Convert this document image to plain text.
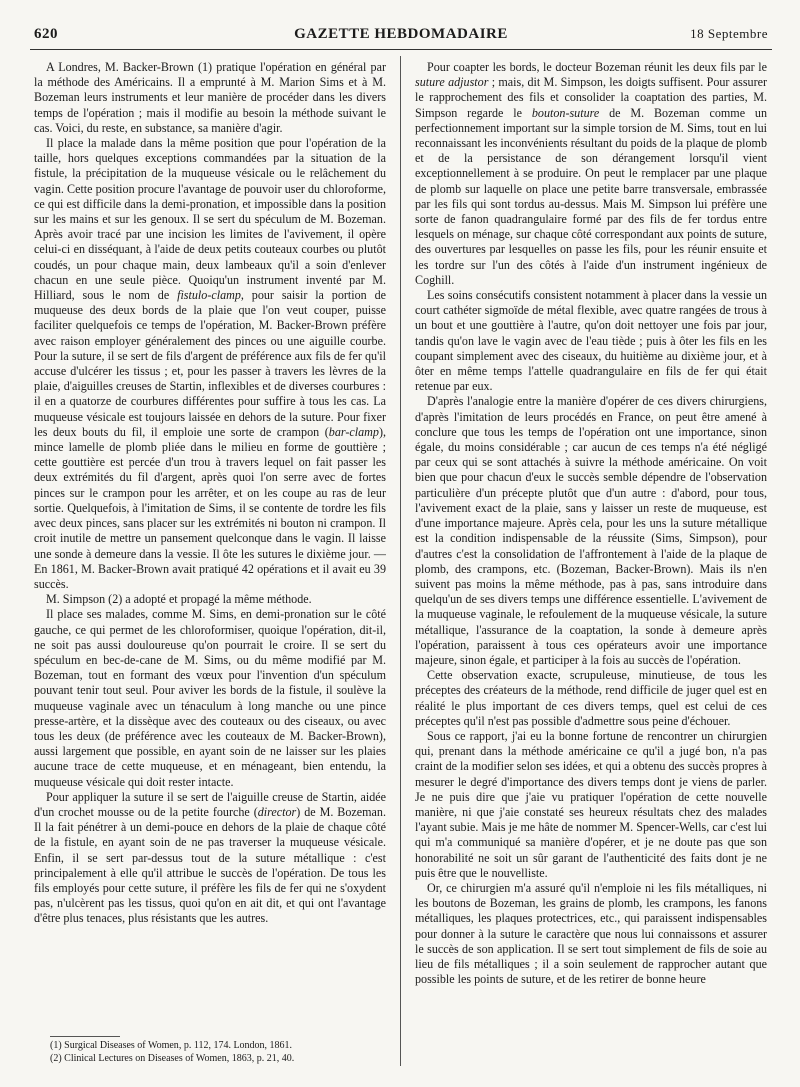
620	GAZETTE HEBDOMADAIRE	18 Septembre

A Londres, M. Backer-Brown (1) pratique l'opération en général par la méthode des Américains. Il a emprunté à M. Marion Sims et à M. Bozeman leurs instruments et leur manière de procéder dans les divers temps de l'opération ; mais il modifie au besoin la méthode suivant le cas. Voici, du reste, en substance, sa manière d'agir.

Il place la malade dans la même position que pour l'opération de la taille, hors quelques exceptions commandées par la situation de la fistule, la précipitation de la muqueuse vésicale ou le relâchement du vagin. Cette position procure l'avantage de pouvoir user du chloroforme, ce qui est difficile dans la demi-pronation, et impossible dans la position sur les mains et sur les genoux. Il se sert du spéculum de M. Bozeman. Après avoir tracé par une incision les limites de l'avivement, il opère celui-ci en disséquant, à l'aide de deux petits couteaux courbes ou plutôt coudés, un pour chaque main, deux lambeaux qu'il a soin d'enlever chacun en une seule pièce. Quoiqu'un instrument inventé par M. Hilliard, sous le nom de fistulo-clamp, pour saisir la portion de muqueuse des deux bords de la plaie que l'on veut couper, puisse faciliter quelquefois ce temps de l'opération, M. Backer-Brown préfère avec raison employer généralement des pinces ou une aiguille courbe. Pour la suture, il se sert de fils d'argent de préférence aux fils de fer qu'il accuse d'ulcérer les tissus ; et, pour les passer à travers les lèvres de la plaie, d'aiguilles creuses de Startin, inflexibles et de diverses courbures : il en a quatorze de courbures différentes pour suffire à tous les cas. La muqueuse vésicale est toujours laissée en dehors de la suture. Pour fixer les deux bouts du fil, il emploie une sorte de crampon (bar-clamp), mince lamelle de plomb pliée dans le milieu en forme de gouttière ; cette gouttière est percée d'un trou à travers lequel on fait passer les deux extrémités du fil d'argent, après quoi l'on serre avec de fortes pinces sur le crampon pour les arrêter, et on les coupe au ras de leur sortie. Quelquefois, à l'imitation de Sims, il se contente de tordre les fils avec deux pinces, sans placer sur les extrémités ni bouton ni crampon. Il croit inutile de mettre un pansement quelconque dans le vagin. Il laisse une sonde à demeure dans la vessie. Il ôte les sutures le dixième jour. — En 1861, M. Backer-Brown avait pratiqué 42 opérations et il avait eu 39 succès.

M. Simpson (2) a adopté et propagé la même méthode.

Il place ses malades, comme M. Sims, en demi-pronation sur le côté gauche, ce qui permet de les chloroformiser, quoique l'opération, dit-il, ne soit pas aussi douloureuse qu'on pourrait le croire. Il se sert du spéculum en bec-de-cane de M. Sims, ou du même modifié par M. Bozeman, tout en formant des vœux pour l'invention d'un spéculum pouvant tenir tout seul. Pour aviver les bords de la fistule, il soulève la muqueuse vaginale avec un ténaculum à long manche ou une pince presse-artère, et la dissèque avec des couteaux ou des ciseaux, ou avec tous les deux (de préférence avec les couteaux de M. Backer-Brown), aussi largement que possible, en ayant soin de ne laisser sur les plaies aucune trace de cette muqueuse, et en ménageant, bien entendu, la muqueuse vésicale qui doit rester intacte.

Pour appliquer la suture il se sert de l'aiguille creuse de Startin, aidée d'un crochet mousse ou de la petite fourche (director) de M. Bozeman. Il la fait pénétrer à un demi-pouce en dehors de la plaie de chaque côté de la fistule, en ayant soin de ne pas traverser la muqueuse vésicale. Enfin, il se sert par-dessus tout de la suture métallique : c'est principalement à elle qu'il attribue le succès de l'opération. De tous les fils employés pour cette suture, il préfère les fils de fer qui ne s'oxydent pas, n'ulcèrent pas les tissus, quoi qu'on en ait dit, et qui ont l'avantage d'être plus tenaces, plus résistants que les autres.

(1) Surgical Diseases of Women, p. 112, 174. London, 1861.

(2) Clinical Lectures on Diseases of Women, 1863, p. 21, 40.

Pour coapter les bords, le docteur Bozeman réunit les deux fils par le suture adjustor ; mais, dit M. Simpson, les doigts suffisent. Pour assurer le rapprochement des fils et consolider la coaptation des parties, M. Simpson regarde le bouton-suture de M. Bozeman comme un perfectionnement important sur la simple torsion de M. Sims, tout en lui reconnaissant les inconvénients résultant du poids de la plaque de plomb et de la persistance de son dérangement lorsqu'il vient exceptionnellement à se produire. On peut le remplacer par une plaque de plomb sur laquelle on place une petite barre transversale, embrassée par les fils qui sont tordus au-dessus. Mais M. Simpson lui préfère une sorte de fanon quadrangulaire formé par des fils de fer tordus entre lesquels on ménage, sur chaque côté correspondant aux points de suture, des ouvertures par lesquelles on passe les fils, pour les réunir ensuite et les tordre sur l'un des côtés à l'aide d'un instrument ingénieux de Coghill.

Les soins consécutifs consistent notamment à placer dans la vessie un court cathéter sigmoïde de métal flexible, avec quatre rangées de trous à un bout et une gouttière à l'autre, qu'on doit nettoyer une fois par jour, tandis qu'on lave le vagin avec de l'eau tiède ; puis à ôter les fils en les coupant simplement avec des ciseaux, du huitième au dixième jour, et à ôter en même temps l'attelle quadrangulaire en fils de fer qui était retenue par eux.

D'après l'analogie entre la manière d'opérer de ces divers chirurgiens, d'après l'imitation de leurs procédés en France, on peut être amené à conclure que tous les temps de l'opération ont une importance, sinon égale, du moins considérable ; car aucun de ces temps n'a été négligé par ceux qui se sont attachés à suivre la méthode américaine. On voit bien que pour chacun d'eux le succès semble dépendre de l'observation particulière d'un précepte plutôt que d'un autre : d'abord, pour tous, l'avivement exact de la plaie, sans y laisser un reste de muqueuse, est d'une importance majeure. Après cela, pour les uns la suture métallique est la condition indispensable de la réussite (Sims, Simpson), pour d'autres c'est la consolidation de l'affrontement à l'aide de la plaque de plomb, des crampons, etc. (Bozeman, Backer-Brown). Mais ils n'en suivent pas moins la même méthode, pas à pas, sans introduire dans quelqu'un de ses divers temps une différence essentielle. L'avivement de la muqueuse vaginale, le refoulement de la muqueuse vésicale, la suture métallique, l'assurance de la coaptation, la sonde à demeure après l'opération, paraissent à tous ces opérateurs avoir une importance majeure, sinon égale, et participer à la fois au succès de l'opération.

Cette observation exacte, scrupuleuse, minutieuse, de tous les préceptes des créateurs de la méthode, rend difficile de juger quel est en réalité le plus important de ces divers temps, quel est celui de ces préceptes qu'il n'est pas possible d'admettre sous peine d'échouer.

Sous ce rapport, j'ai eu la bonne fortune de rencontrer un chirurgien qui, prenant dans la méthode américaine ce qu'il a jugé bon, n'a pas craint de la modifier selon ses idées, et qui a obtenu des succès propres à mesurer le degré d'importance des divers temps dont je viens de parler. Je ne puis dire que j'aie vu pratiquer l'opération de cette nouvelle manière, ni que j'aie constaté ses heureux résultats chez des malades l'ayant subie. Mais je me hâte de nommer M. Spencer-Wells, car c'est lui qui m'a communiqué sa manière d'opérer, et je ne doute pas que son honorabilité ne soit un sûr garant de l'authenticité des faits dont je ne puis être que le nouvelliste.

Or, ce chirurgien m'a assuré qu'il n'emploie ni les fils métalliques, ni les boutons de Bozeman, les grains de plomb, les crampons, les fanons métalliques, les plaques protectrices, etc., qui paraissent indispensables pour donner à la suture le caractère que nous lui connaissons et assurer le succès de son application. Il se sert tout simplement de fils de soie au lieu de fils métalliques ; il a soin seulement de rapprocher autant que possible les points de suture, et de les retirer de bonne heure
